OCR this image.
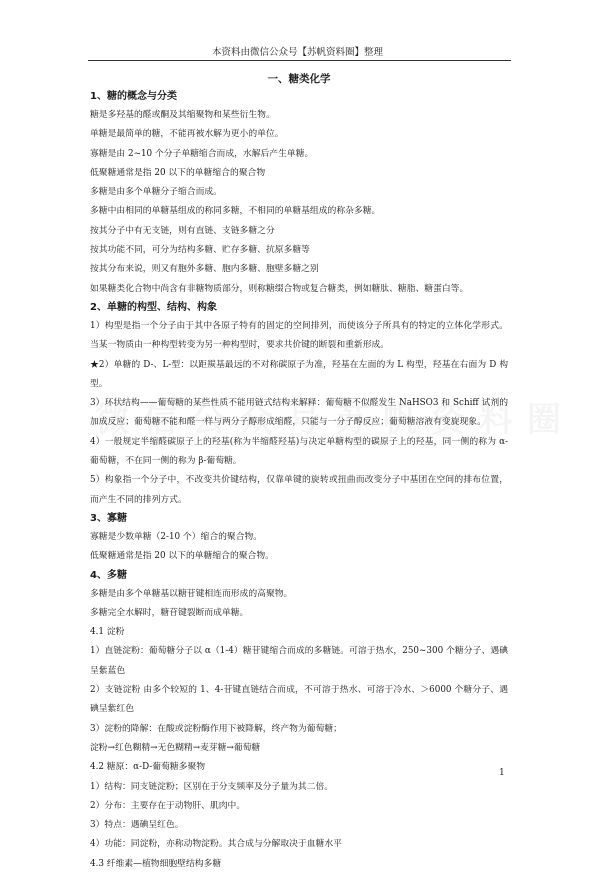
本资料由微信公众号【苏帆资料圈】整理
一、糖类化学
1、糖的概念与分类

糖是多羟基的醛或酮及其缩聚物和某些衍生物。

单糖是最简单的糖，不能再被水解为更小的单位。

寡糖是由 2~10 个分子单糖缩合而成，水解后产生单糖。

低聚糖通常是指 20 以下的单糖缩合的聚合物

多糖是由多个单糖分子缩合而成。

多糖中由相同的单糖基组成的称同多糖，不相同的单糖基组成的称杂多糖。

按其分子中有无支链，则有直链、支链多糖之分

按其功能不同，可分为结构多糖、贮存多糖、抗原多糖等

按其分布来说，则又有胞外多糖、胞内多糖、胞壁多糖之别

如果糖类化合物中尚含有非糖物质部分，则称糖缀合物或复合糖类，例如糖肽、糖脂、糖蛋白等。

2、单糖的构型、结构、构象

1）构型是指一个分子由于其中各原子特有的固定的空间排列，而使该分子所具有的特定的立体化学形式。当某一物质由一种构型转变为另一种构型时，要求共价键的断裂和重新形成。

★2）单糖的 D-、L-型：以距羰基最远的不对称碳原子为准，羟基在左面的为 L 构型，羟基在右面为 D 构型。

3）环状结构——葡萄糖的某些性质不能用链式结构来解释：葡萄糖不似醛发生 NaHSO3 和 Schiff 试剂的加成反应；葡萄糖不能和醛一样与两分子醇形成缩醛，只能与一分子醇反应；葡萄糖溶液有变旋现象。

4）一般规定半缩醛碳原子上的羟基(称为半缩醛羟基)与决定单糖构型的碳原子上的羟基，同一侧的称为 α-葡萄糖，不在同一侧的称为 β-葡萄糖。

5）构象指一个分子中，不改变共价键结构，仅靠单键的旋转或扭曲而改变分子中基团在空间的排布位置，而产生不同的排列方式。

3、寡糖

寡糖是少数单糖（2-10 个）缩合的聚合物。

低聚糖通常是指 20 以下的单糖缩合的聚合物。

4、多糖

多糖是由多个单糖基以糖苷键相连而形成的高聚物。

多糖完全水解时，糖苷键裂断而成单糖。

4.1 淀粉

1）直链淀粉：葡萄糖分子以 α（1-4）糖苷键缩合而成的多糖链。可溶于热水，250~300 个糖分子、遇碘呈紫蓝色

2）支链淀粉 由多个较短的 1、4-苷键直链结合而成，不可溶于热水、可溶于冷水、＞6000 个糖分子、遇碘呈紫红色

3）淀粉的降解：在酸或淀粉酶作用下被降解，终产物为葡萄糖；

淀粉→红色糊精→无色糊精→麦芽糖→葡萄糖

4.2 糖原：α-D-葡萄糖多聚物

1）结构：同支链淀粉；区别在于分支频率及分子量为其二倍。

2）分布：主要存在于动物肝、肌肉中。

3）特点：遇碘呈红色。

4）功能：同淀粉，亦称动物淀粉。其合成与分解取决于血糖水平

4.3 纤维素—植物细胞壁结构多糖

1
